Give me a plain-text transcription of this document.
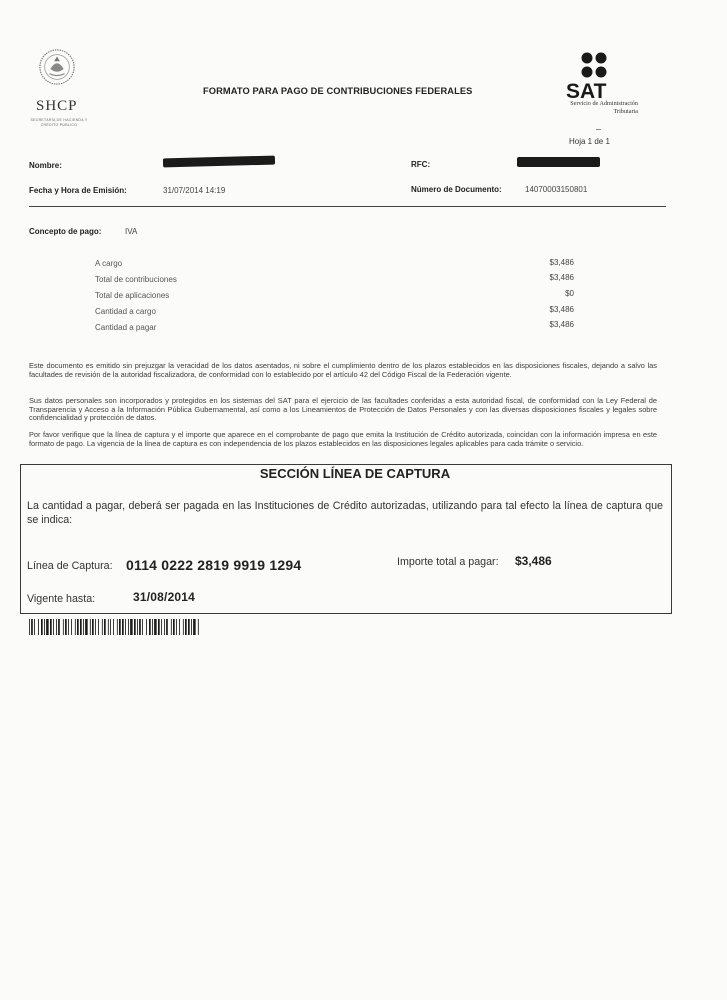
SHCP
SECRETARÍA DE HACIENDA Y CRÉDITO PÚBLICO
FORMATO PARA PAGO DE CONTRIBUCIONES FEDERALES	SAT
Servicio de Administración Tributaria
Hoja 1 de 1
Nombre:	RFC:
Fecha y Hora de Emisión:	31/07/2014 14:19	Número de Documento:	14070003150801
Concepto de pago:	IVA
A cargo	$3,486
Total de contribuciones	$3,486
Total de aplicaciones	$0
Cantidad a cargo	$3,486
Cantidad a pagar	$3,486
Este documento es emitido sin prejuzgar la veracidad de los datos asentados, ni sobre el cumplimiento dentro de los plazos establecidos en las disposiciones fiscales, dejando a salvo las facultades de revisión de la autoridad fiscalizadora, de conformidad con lo establecido por el artículo 42 del Código Fiscal de la Federación vigente.
Sus datos personales son incorporados y protegidos en los sistemas del SAT para el ejercicio de las facultades conferidas a esta autoridad fiscal, de conformidad con la Ley Federal de Transparencia y Acceso a la Información Pública Gubernamental, así como a los Lineamientos de Protección de Datos Personales y con las diversas disposiciones fiscales y legales sobre confidencialidad y protección de datos.
Por favor verifique que la línea de captura y el importe que aparece en el comprobante de pago que emita la Institución de Crédito autorizada, coincidan con la información impresa en este formato de pago. La vigencia de la línea de captura es con independencia de los plazos establecidos en las disposiciones legales aplicables para cada trámite o servicio.
SECCIÓN LÍNEA DE CAPTURA
La cantidad a pagar, deberá ser pagada en las Instituciones de Crédito autorizadas, utilizando para tal efecto la línea de captura que se indica:
Línea de Captura: 0114 0222 2819 9919 1294	Importe total a pagar: $3,486
Vigente hasta:	31/08/2014
